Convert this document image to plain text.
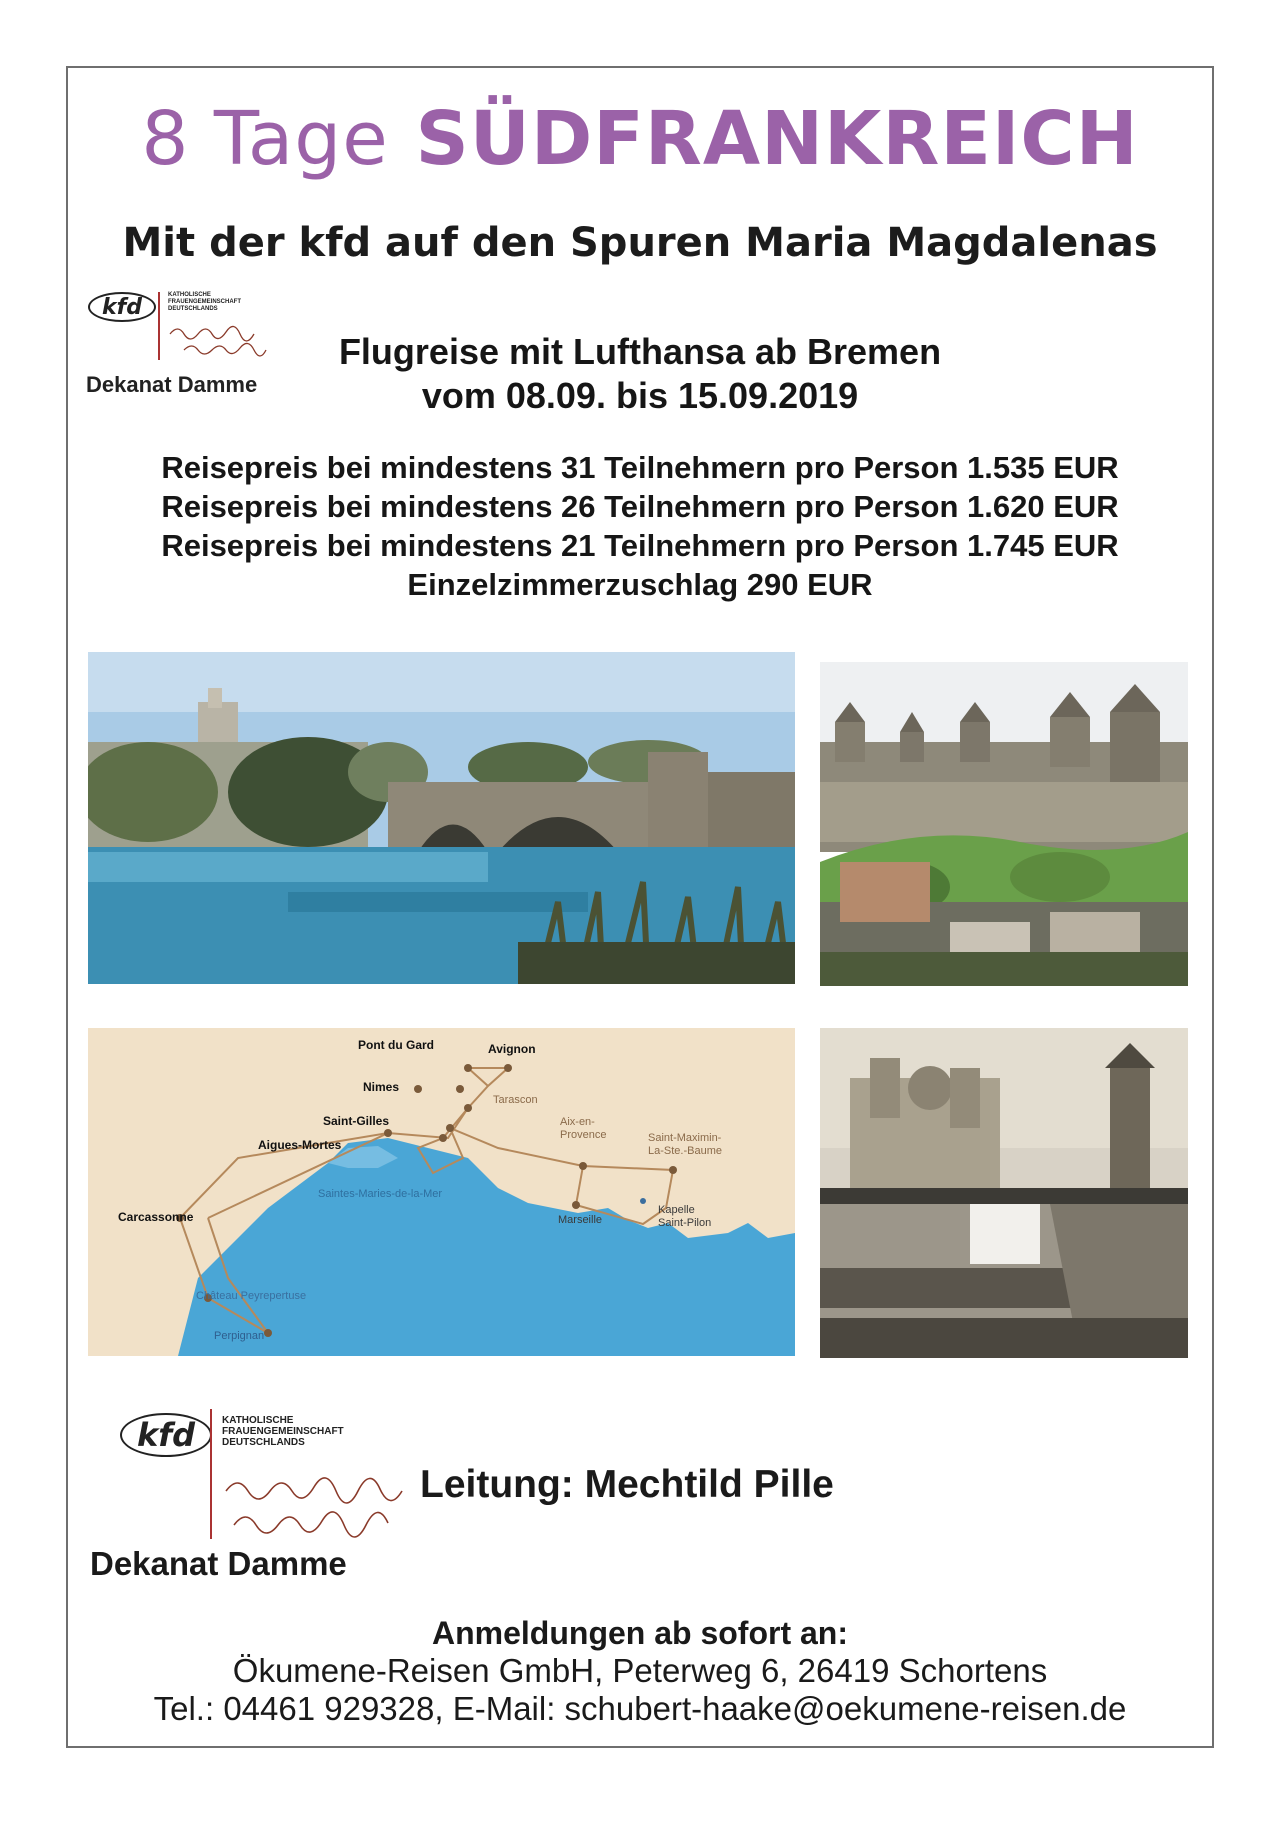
8 Tage SÜDFRANKREICH
Mit der kfd auf den Spuren Maria Magdalenas
kfd	KATHOLISCHE
FRAUENGEMEINSCHAFT
DEUTSCHLANDS
Dekanat Damme
Flugreise mit Lufthansa ab Bremen
vom 08.09. bis 15.09.2019
Reisepreis bei mindestens 31 Teilnehmern pro Person 1.535 EUR
Reisepreis bei mindestens 26 Teilnehmern pro Person 1.620 EUR
Reisepreis bei mindestens 21 Teilnehmern pro Person 1.745 EUR
Einzelzimmerzuschlag 290 EUR
Pont du Gard	Avignon
Nimes
Tarascon
Saint-Gilles
Aigues-Mortes
Aix-en-
Provence	Saint-Maximin-
La-Ste.-Baume
Carcassonne
Saintes-Maries-de-la-Mer
Marseille
Kapelle
Saint-Pilon
Château Peyrepertuse
Perpignan
kfd	KATHOLISCHE
FRAUENGEMEINSCHAFT
DEUTSCHLANDS
Leitung: Mechtild Pille
Dekanat Damme
Anmeldungen ab sofort an:
Ökumene-Reisen GmbH, Peterweg 6, 26419 Schortens
Tel.: 04461 929328, E-Mail: schubert-haake@oekumene-reisen.de
